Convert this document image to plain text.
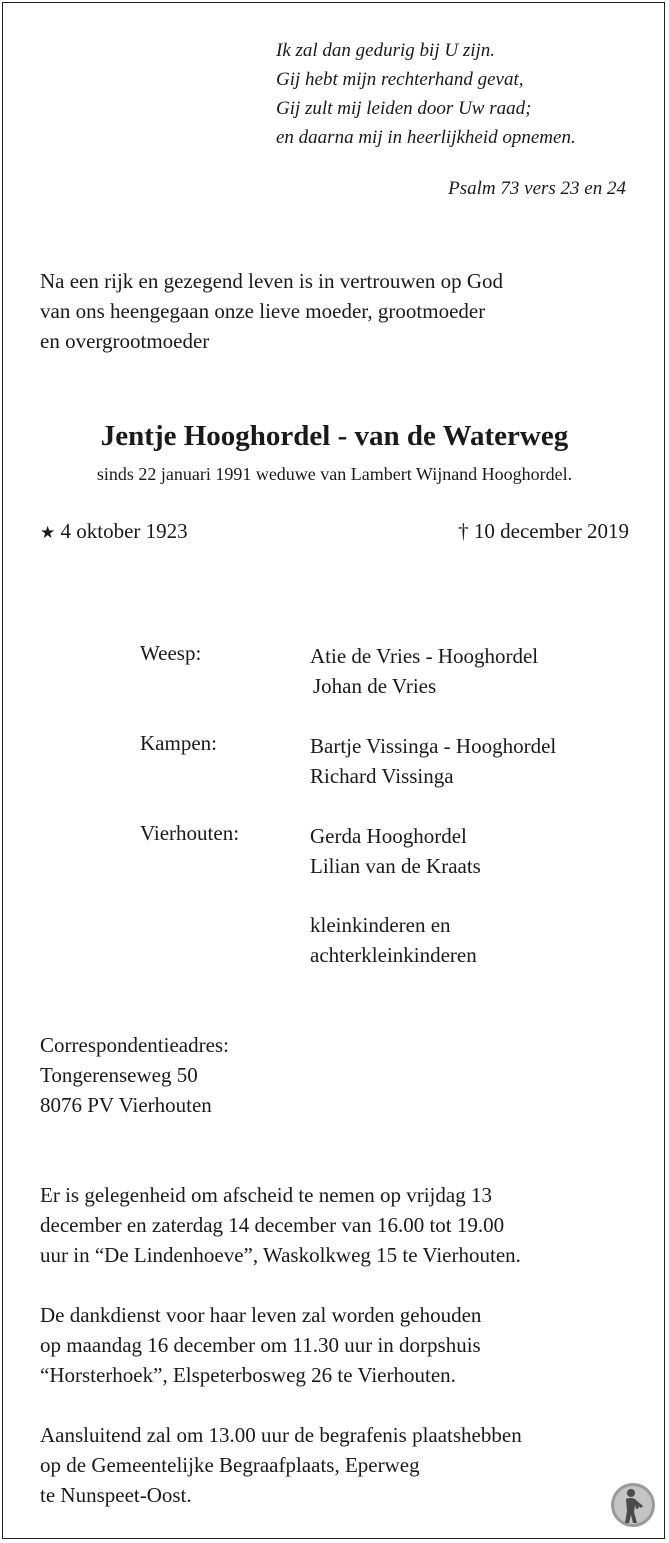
Ik zal dan gedurig bij U zijn.
Gij hebt mijn rechterhand gevat,
Gij zult mij leiden door Uw raad;
en daarna mij in heerlijkheid opnemen.
Psalm 73 vers 23 en 24
Na een rijk en gezegend leven is in vertrouwen op God
van ons heengegaan onze lieve moeder, grootmoeder
en overgrootmoeder
Jentje Hooghordel - van de Waterweg
sinds 22 januari 1991 weduwe van Lambert Wijnand Hooghordel.
★ 4 oktober 1923	† 10 december 2019
Weesp:	Atie de Vries - Hooghordel
Johan de Vries
Kampen:	Bartje Vissinga - Hooghordel
Richard Vissinga
Vierhouten:	Gerda Hooghordel
Lilian van de Kraats
kleinkinderen en
achterkleinkinderen
Correspondentieadres:
Tongerenseweg 50
8076 PV Vierhouten
Er is gelegenheid om afscheid te nemen op vrijdag 13
december en zaterdag 14 december van 16.00 tot 19.00
uur in “De Lindenhoeve”, Waskolkweg 15 te Vierhouten.
De dankdienst voor haar leven zal worden gehouden
op maandag 16 december om 11.30 uur in dorpshuis
“Horsterhoek”, Elspeterbosweg 26 te Vierhouten.
Aansluitend zal om 13.00 uur de begrafenis plaatshebben
op de Gemeentelijke Begraafplaats, Eperweg
te Nunspeet-Oost.
